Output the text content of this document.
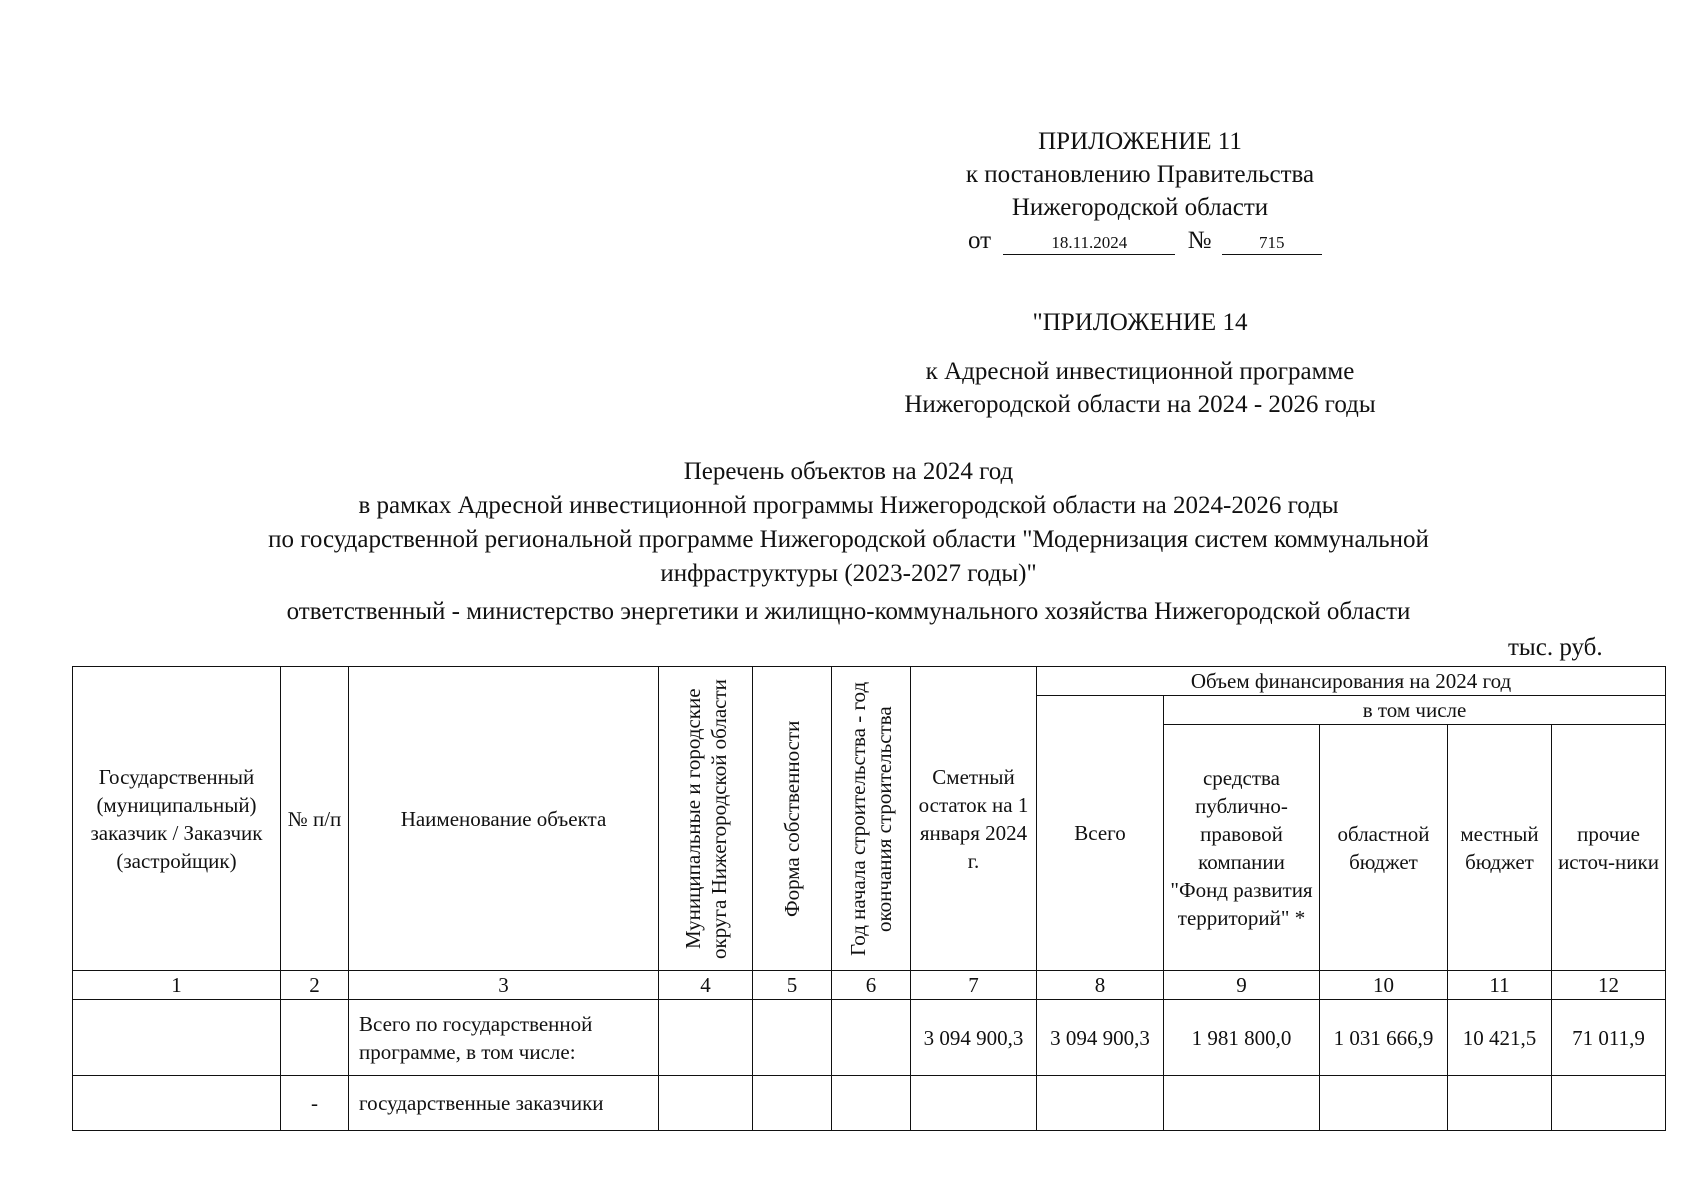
ПРИЛОЖЕНИЕ 11
к постановлению Правительства
Нижегородской области
от	18.11.2024 №	715
"ПРИЛОЖЕНИЕ 14
к Адресной инвестиционной программе
Нижегородской области на 2024 - 2026 годы
Перечень объектов на 2024 год
в рамках Адресной инвестиционной программы Нижегородской области на 2024-2026 годы
по государственной региональной программе Нижегородской области "Модернизация систем коммунальной
инфраструктуры (2023-2027 годы)"
ответственный - министерство энергетики и жилищно-коммунального хозяйства Нижегородской области
тыс. руб.
Государственный (муниципальный) заказчик / Заказчик (застройщик)	№ п/п	Наименование объекта	Муниципальные и городские округа Нижегородской области	Форма собственности	Год начала строительства - год окончания строительства	Сметный остаток на 1 января 2024 г.	Объем финансирования на 2024 год				
							Всего	в том числе			
								средства публично-правовой компании "Фонд развития территорий" *	областной бюджет	местный бюджет	прочие источ-ники
1	2	3	4	5	6	7	8	9	10	11	12
		Всего по государственной программе, в том числе:				3 094 900,3	3 094 900,3	1 981 800,0	1 031 666,9	10 421,5	71 011,9
	-	государственные заказчики									
